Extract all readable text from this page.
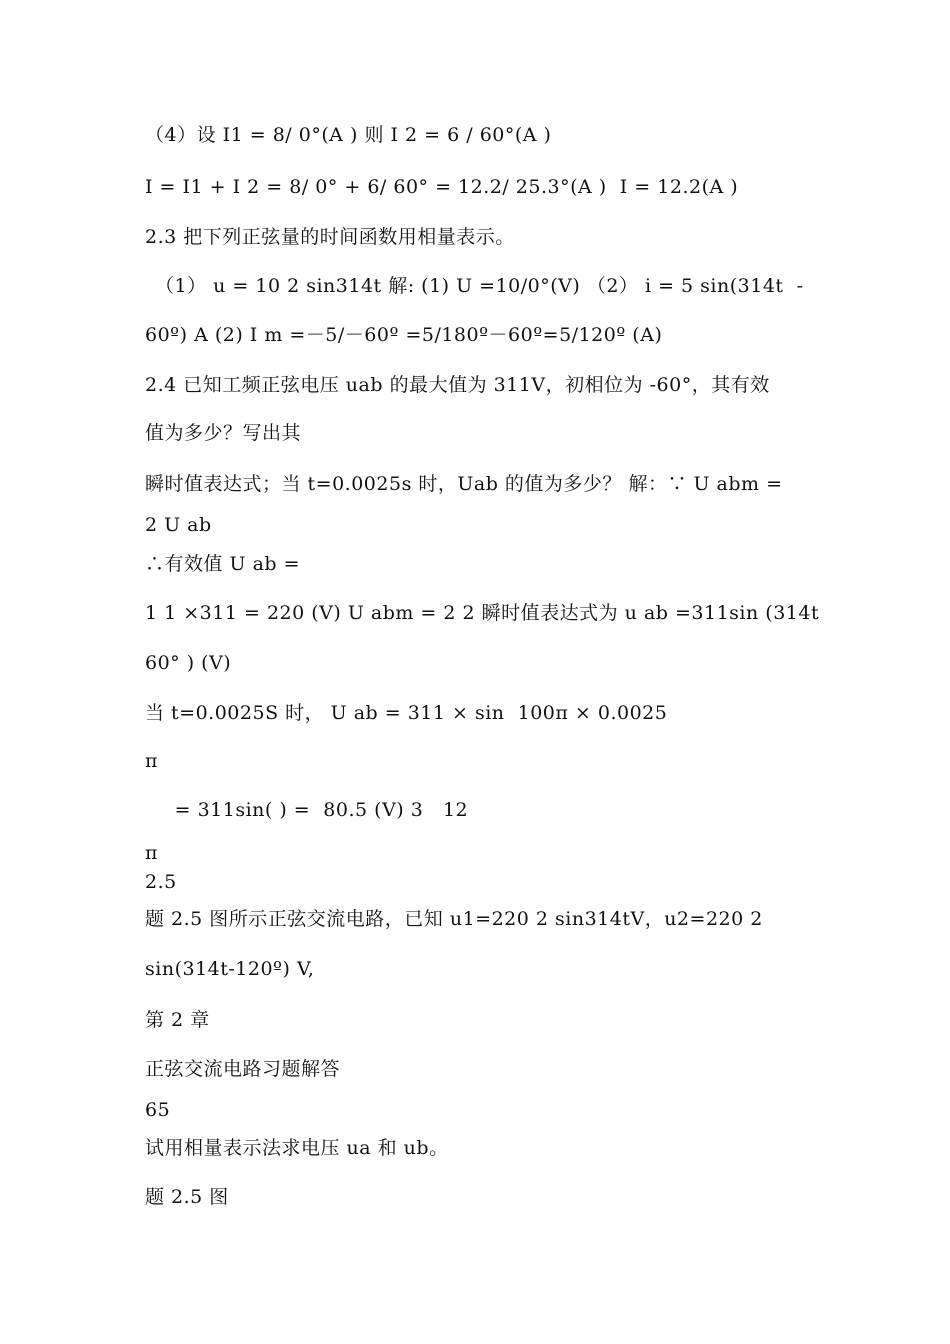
（4）设 I1 = 8/ 0°(A ) 则 I 2 = 6 / 60°(A )
I = I1 + I 2 = 8/ 0° + 6/ 60° = 12.2/ 25.3°(A )  I = 12.2(A )
2.3 把下列正弦量的时间函数用相量表示。
（1） u = 10 2 sin314t 解: (1) U =10/0°(V) （2） i = 5 sin(314t  -
60º) A (2) I m =－5/－60º =5/180º－60º=5/120º (A)
2.4 已知工频正弦电压 uab 的最大值为 311V，初相位为 -60°，其有效
值为多少？写出其
瞬时值表达式；当 t=0.0025s 时，Uab 的值为多少？ 解：∵ U abm =
2 U ab
∴有效值 U ab =
1 1 ×311 = 220 (V) U abm = 2 2 瞬时值表达式为 u ab =311sin (314t
60° ) (V)
当 t=0.0025S 时， U ab = 311 × sin  100π × 0.0025
π
= 311sin( ) =  80.5 (V) 3   12
π
2.5
题 2.5 图所示正弦交流电路，已知 u1=220 2 sin314tV，u2=220 2
sin(314t-120º) V,
第 2 章
正弦交流电路习题解答
65
试用相量表示法求电压 ua 和 ub。
题 2.5 图
